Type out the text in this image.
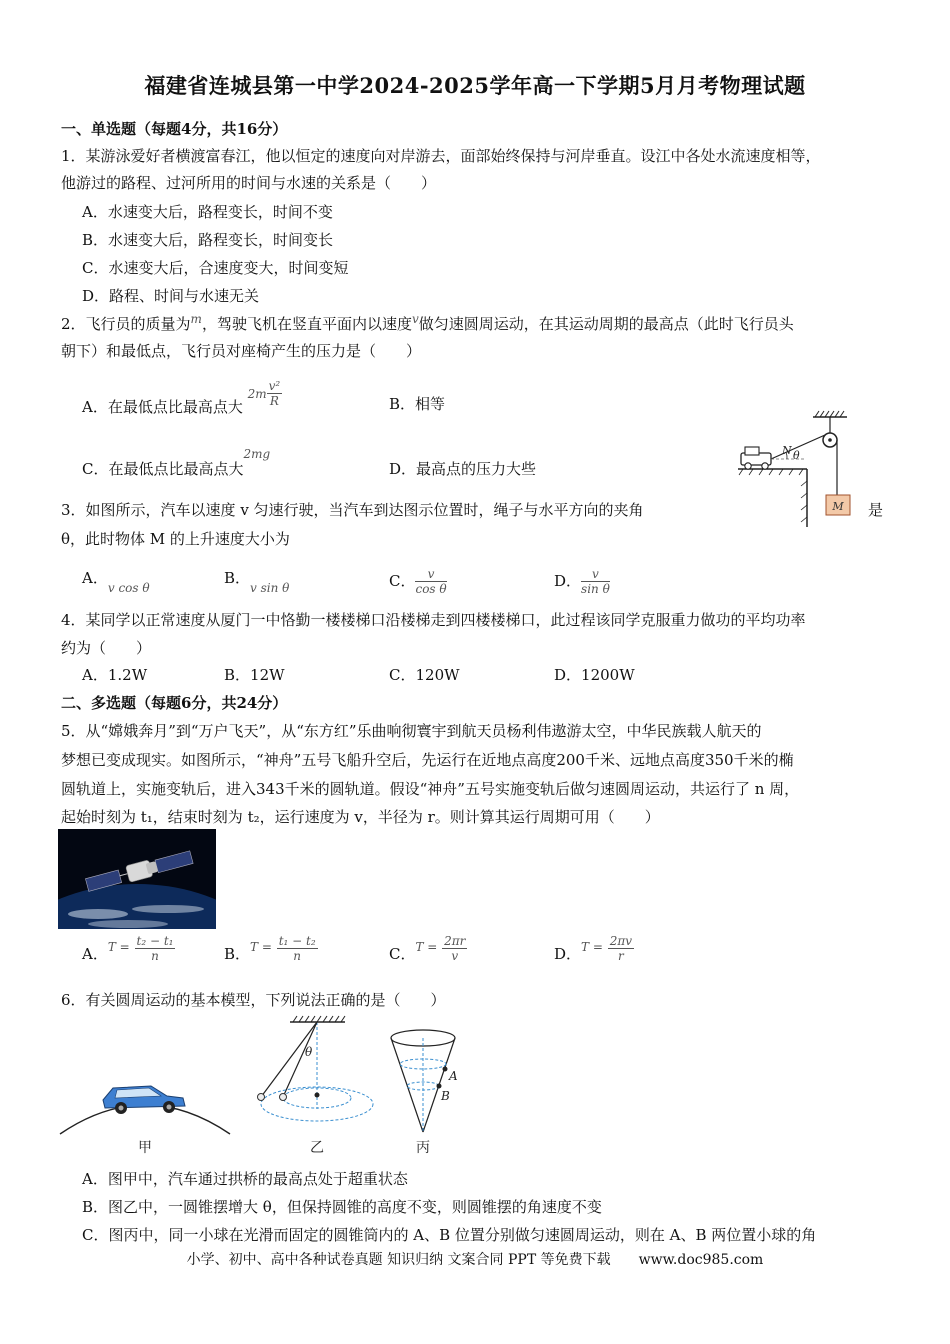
福建省连城县第一中学2024-2025学年高一下学期5月月考物理试题
一、单选题（每题4分，共16分）
1．某游泳爱好者横渡富春江，他以恒定的速度向对岸游去，面部始终保持与河岸垂直。设江中各处水流速度相等，
他游过的路程、过河所用的时间与水速的关系是（　　）
A．水速变大后，路程变长，时间不变
B．水速变大后，路程变长，时间变长
C．水速变大后，合速度变大，时间变短
D．路程、时间与水速无关
2．飞行员的质量为$^m$，驾驶飞机在竖直平面内以速度$^v$做匀速圆周运动，在其运动周期的最高点（此时飞行员头
朝下）和最低点，飞行员对座椅产生的压力是（　　）
A．在最低点比最高点大 $2m \frac{\text{v²}}{R}$	B．相等
C．在最低点比最高点大$^{2mg}$
D．最高点的压力大些
M
N θ
3．如图所示，汽车以速度 v 匀速行驶，当汽车到达图示位置时，绳子与水平方向的夹角	是
θ，此时物体 M 的上升速度大小为
A．$_{v cos \theta}$
B．$_{v sin \theta}$	C． $\frac{v}{\text{cos θ}}$	D． $\frac{v}{\text{sin θ}}$
4．某同学以正常速度从厦门一中恪勤一楼楼梯口沿楼梯走到四楼楼梯口，此过程该同学克服重力做功的平均功率
约为（　　）
A．1.2W	B．12W	C．120W	D．1200W
二、多选题（每题6分，共24分）
5．从“嫦娥奔月”到“万户飞天”，从“东方红”乐曲响彻寰宇到航天员杨利伟遨游太空，中华民族载人航天的
梦想已变成现实。如图所示，“神舟”五号飞船升空后，先运行在近地点高度200千米、远地点高度350千米的椭
圆轨道上，实施变轨后，进入343千米的圆轨道。假设“神舟”五号实施变轨后做匀速圆周运动，共运行了 n 周，
起始时刻为 t₁，结束时刻为 t₂，运行速度为 v，半径为 r。则计算其运行周期可用（　　）
A．$^{T =} \frac{\text{t₂ − t₁}}{n}$	B．$^{T =} \frac{\text{t₁ − t₂}}{n}$	C．$^{T =} \frac{2\pi r}{v}$	D．$^{T =} \frac{2\pi v}{r}$
6．有关圆周运动的基本模型，下列说法正确的是（　　）
甲
θ
乙
A
B
丙
A．图甲中，汽车通过拱桥的最高点处于超重状态
B．图乙中，一圆锥摆增大 θ，但保持圆锥的高度不变，则圆锥摆的角速度不变
C．图丙中，同一小球在光滑而固定的圆锥筒内的 A、B 位置分别做匀速圆周运动，则在 A、B 两位置小球的角
小学、初中、高中各种试卷真题 知识归纳 文案合同 PPT 等免费下载　　www.doc985.com
